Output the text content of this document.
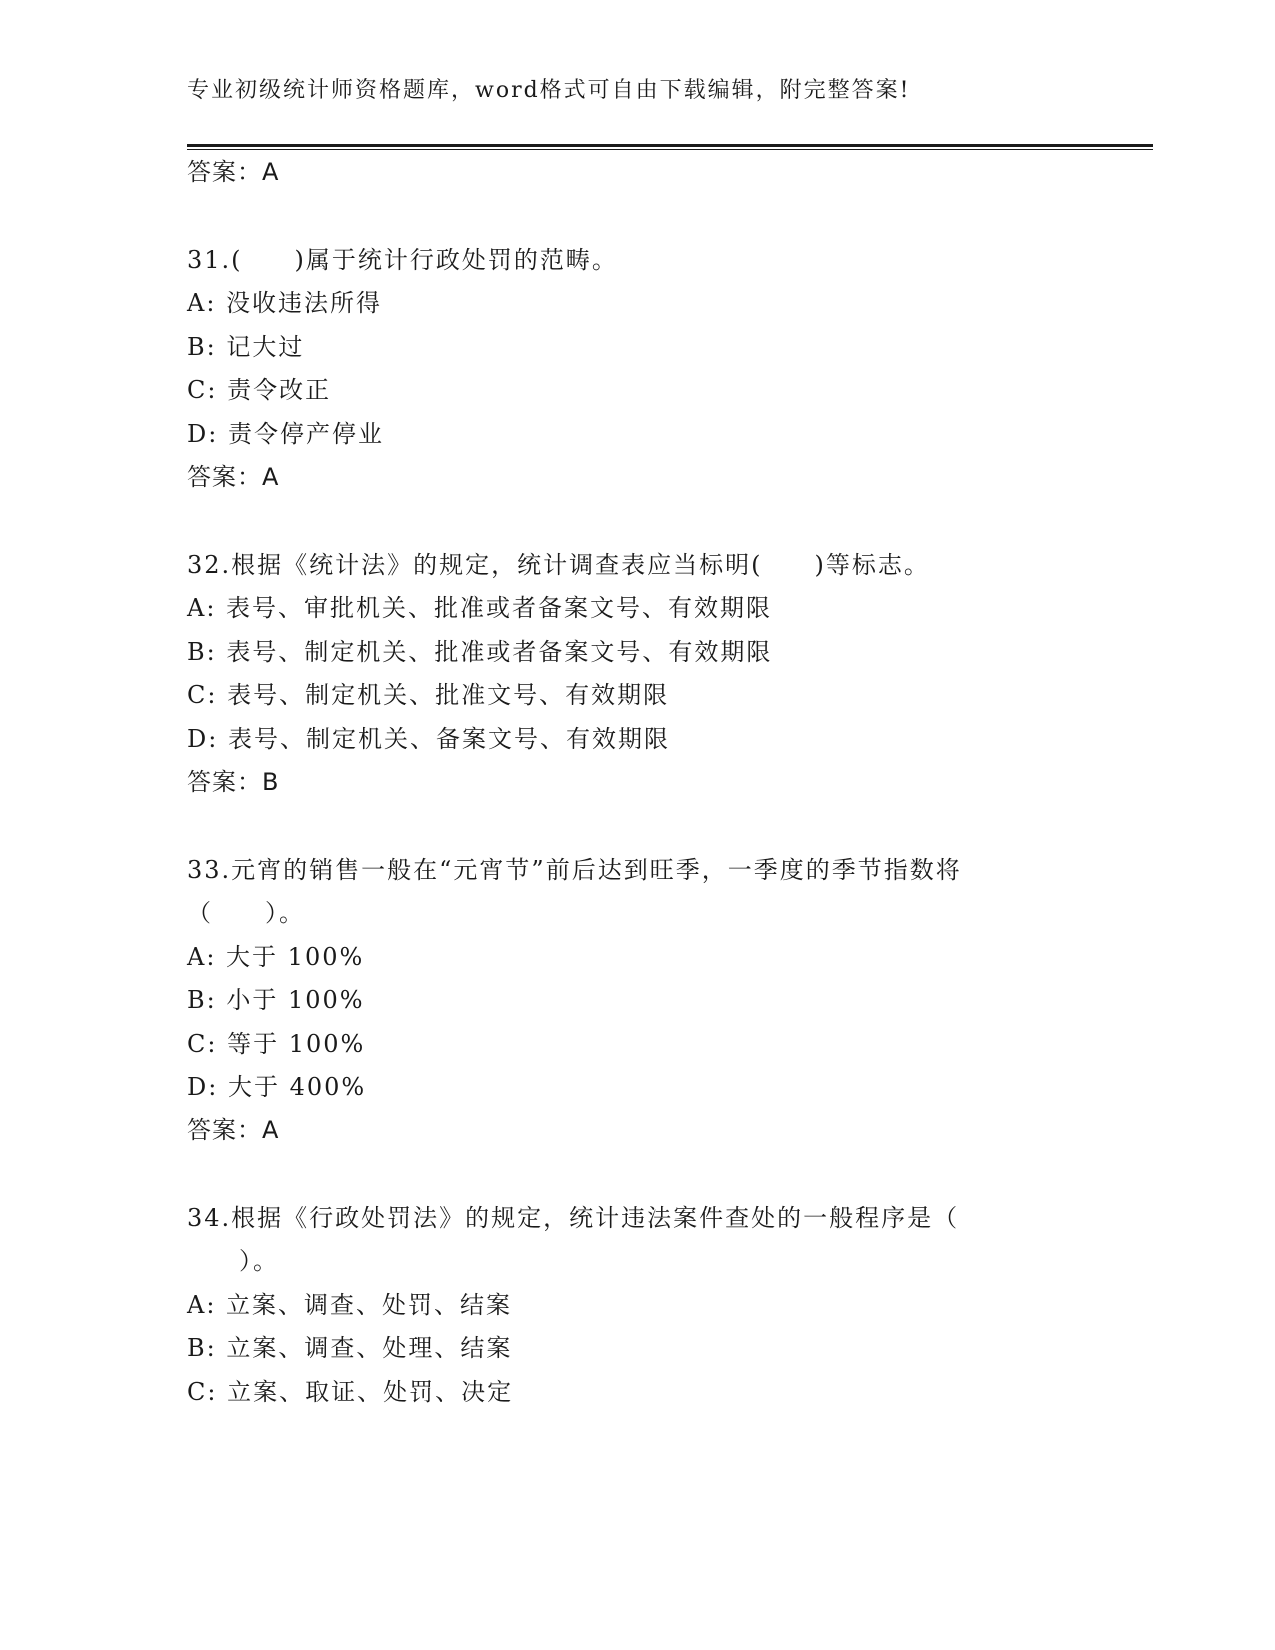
专业初级统计师资格题库，word格式可自由下载编辑，附完整答案!
答案：A
31.(　　)属于统计行政处罚的范畴。
A: 没收违法所得
B: 记大过
C: 责令改正
D: 责令停产停业
答案：A
32.根据《统计法》的规定，统计调查表应当标明(　　)等标志。
A: 表号、审批机关、批准或者备案文号、有效期限
B: 表号、制定机关、批准或者备案文号、有效期限
C: 表号、制定机关、批准文号、有效期限
D: 表号、制定机关、备案文号、有效期限
答案：B
33.元宵的销售一般在“元宵节”前后达到旺季，一季度的季节指数将
（　　）。
A: 大于 100%
B: 小于 100%
C: 等于 100%
D: 大于 400%
答案：A
34.根据《行政处罚法》的规定，统计违法案件查处的一般程序是（
　　）。
A: 立案、调查、处罚、结案
B: 立案、调查、处理、结案
C: 立案、取证、处罚、决定
